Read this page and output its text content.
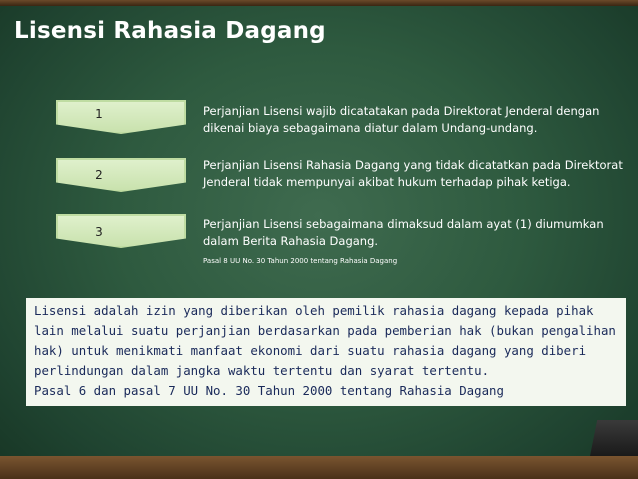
Lisensi Rahasia Dagang
1	Perjanjian Lisensi wajib dicatatakan pada Direktorat Jenderal dengan dikenai biaya sebagaimana diatur dalam Undang-undang.
2
Perjanjian Lisensi Rahasia Dagang yang tidak dicatatkan pada Direktorat Jenderal tidak mempunyai akibat hukum terhadap pihak ketiga.
3
Perjanjian Lisensi sebagaimana dimaksud dalam ayat (1) diumumkan dalam Berita Rahasia Dagang.
Pasal 8 UU No. 30 Tahun 2000 tentang Rahasia Dagang
Lisensi adalah izin yang diberikan oleh pemilik rahasia dagang kepada pihak lain melalui suatu perjanjian berdasarkan pada pemberian hak (bukan pengalihan hak) untuk menikmati manfaat ekonomi dari suatu rahasia dagang yang diberi perlindungan dalam jangka waktu tertentu dan syarat tertentu.
Pasal 6 dan pasal 7 UU No. 30 Tahun 2000 tentang Rahasia Dagang
